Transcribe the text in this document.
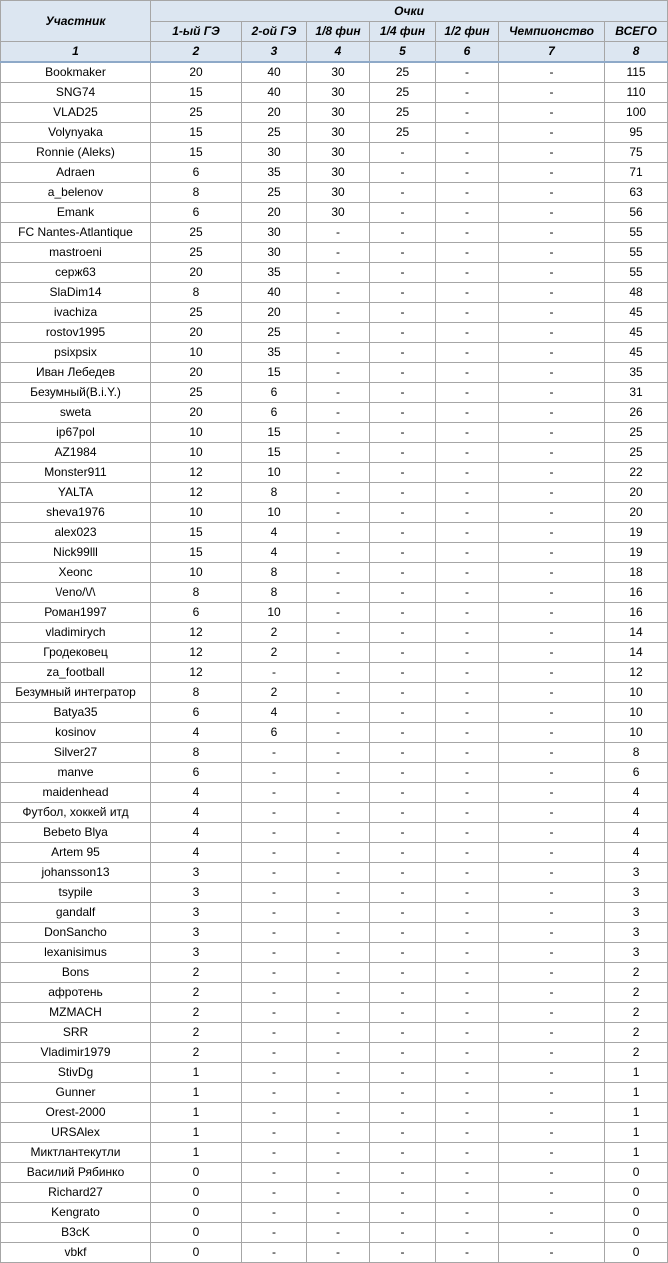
Участник	Очки						
	1-ый ГЭ	2-ой ГЭ	1/8 фин	1/4 фин	1/2 фин	Чемпионство	ВСЕГО
1	2	3	4	5	6	7	8
Bookmaker	20	40	30	25	-	-	115
SNG74	15	40	30	25	-	-	110
VLAD25	25	20	30	25	-	-	100
Volynyaka	15	25	30	25	-	-	95
Ronnie (Aleks)	15	30	30	-	-	-	75
Adraen	6	35	30	-	-	-	71
a_belenov	8	25	30	-	-	-	63
Emank	6	20	30	-	-	-	56
FC Nantes-Atlantique	25	30	-	-	-	-	55
mastroeni	25	30	-	-	-	-	55
серж63	20	35	-	-	-	-	55
SlaDim14	8	40	-	-	-	-	48
ivachiza	25	20	-	-	-	-	45
rostov1995	20	25	-	-	-	-	45
psixpsix	10	35	-	-	-	-	45
Иван Лебедев	20	15	-	-	-	-	35
Безумный(B.i.Y.)	25	6	-	-	-	-	31
sweta	20	6	-	-	-	-	26
ip67pol	10	15	-	-	-	-	25
AZ1984	10	15	-	-	-	-	25
Monster911	12	10	-	-	-	-	22
YALTA	12	8	-	-	-	-	20
sheva1976	10	10	-	-	-	-	20
alex023	15	4	-	-	-	-	19
Nick99lll	15	4	-	-	-	-	19
Xeonc	10	8	-	-	-	-	18
\/eno/\/\	8	8	-	-	-	-	16
Роман1997	6	10	-	-	-	-	16
vladimirych	12	2	-	-	-	-	14
Гродековец	12	2	-	-	-	-	14
za_football	12	-	-	-	-	-	12
Безумный интегратор	8	2	-	-	-	-	10
Batya35	6	4	-	-	-	-	10
kosinov	4	6	-	-	-	-	10
Silver27	8	-	-	-	-	-	8
manve	6	-	-	-	-	-	6
maidenhead	4	-	-	-	-	-	4
Футбол, хоккей итд	4	-	-	-	-	-	4
Bebeto Blya	4	-	-	-	-	-	4
Artem 95	4	-	-	-	-	-	4
johansson13	3	-	-	-	-	-	3
tsypile	3	-	-	-	-	-	3
gandalf	3	-	-	-	-	-	3
DonSancho	3	-	-	-	-	-	3
lexanisimus	3	-	-	-	-	-	3
Bons	2	-	-	-	-	-	2
афротень	2	-	-	-	-	-	2
MZMACH	2	-	-	-	-	-	2
SRR	2	-	-	-	-	-	2
Vladimir1979	2	-	-	-	-	-	2
StivDg	1	-	-	-	-	-	1
Gunner	1	-	-	-	-	-	1
Orest-2000	1	-	-	-	-	-	1
URSAlex	1	-	-	-	-	-	1
Миктлантекутли	1	-	-	-	-	-	1
Василий Рябинко	0	-	-	-	-	-	0
Richard27	0	-	-	-	-	-	0
Kengrato	0	-	-	-	-	-	0
B3cK	0	-	-	-	-	-	0
vbkf	0	-	-	-	-	-	0
